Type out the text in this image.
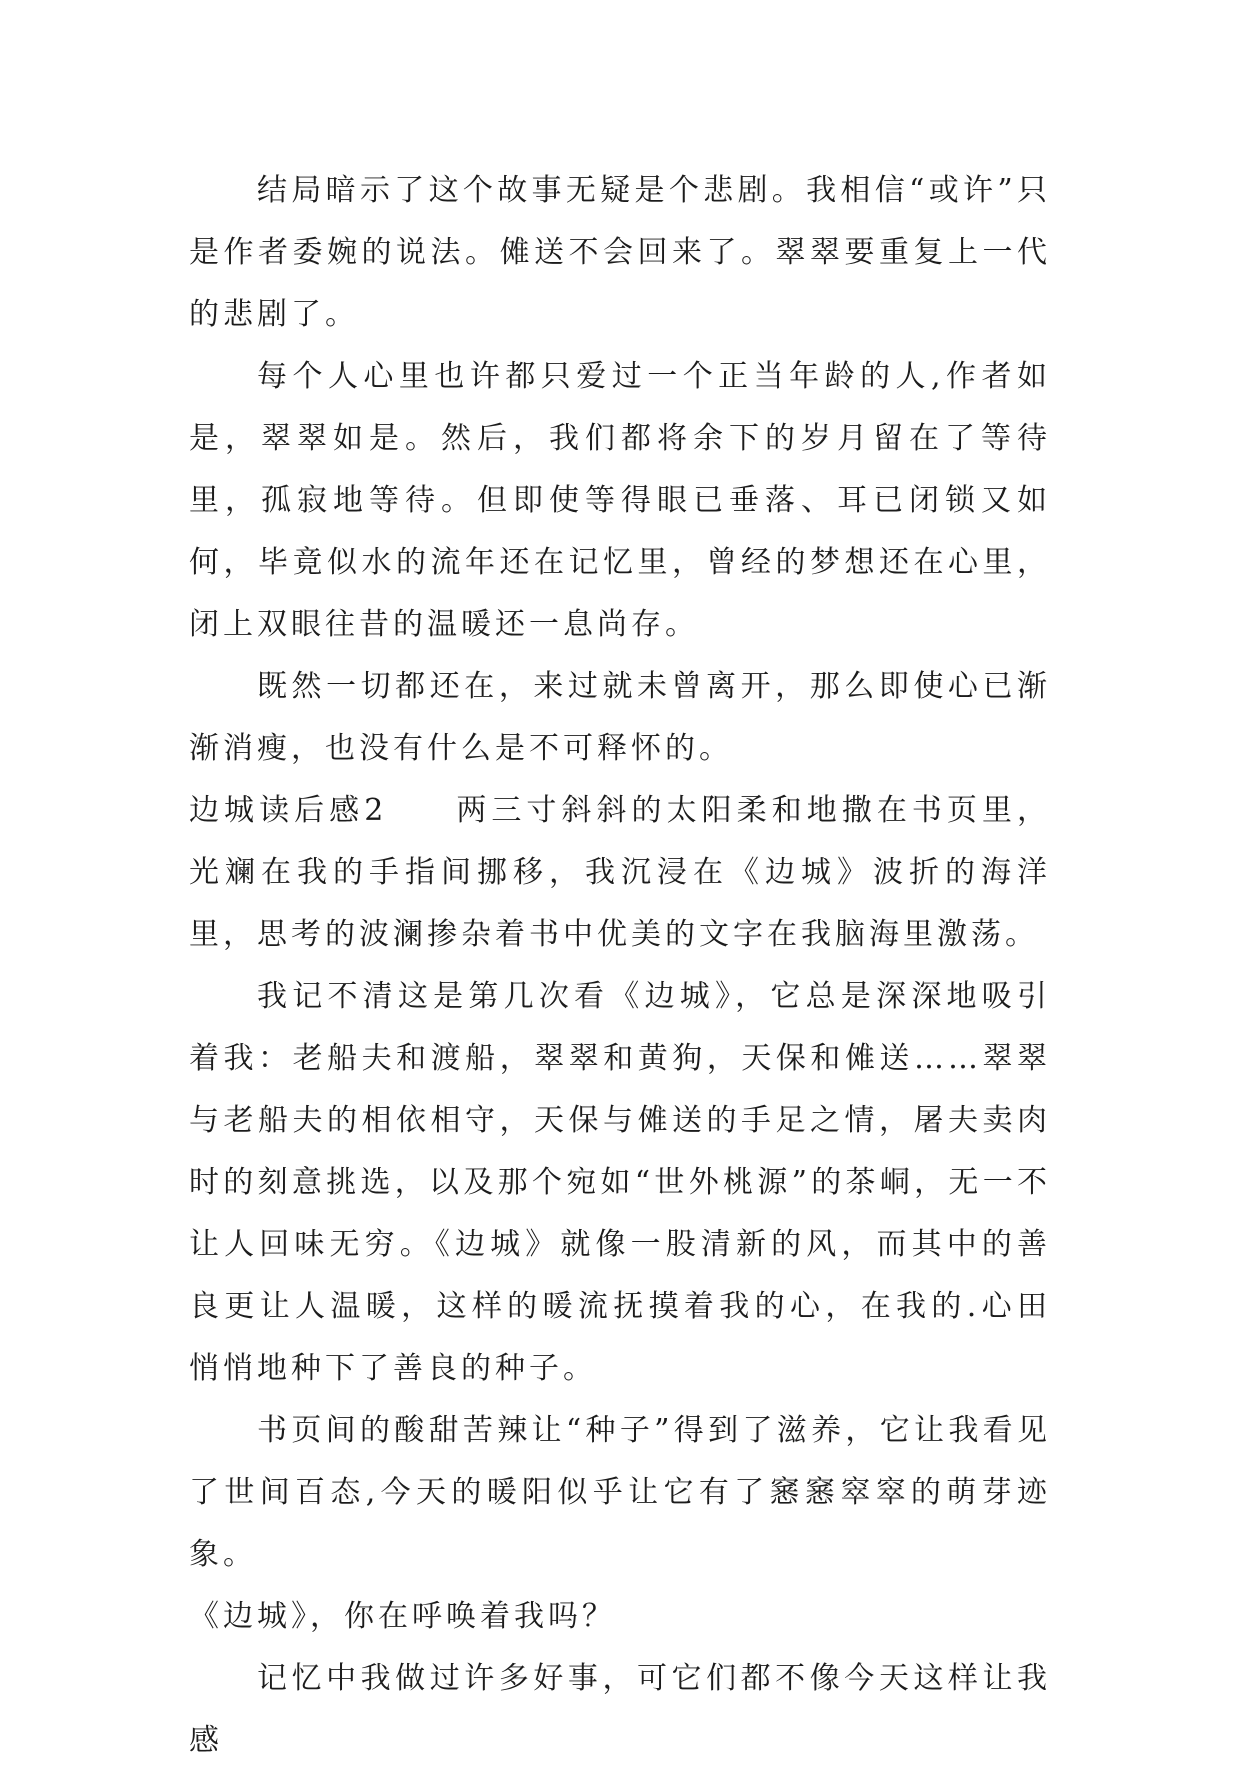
结局暗示了这个故事无疑是个悲剧。我相信“或许”只是作者委婉的说法。傩送不会回来了。翠翠要重复上一代的悲剧了。

每个人心里也许都只爱过一个正当年龄的人,作者如是，翠翠如是。然后，我们都将余下的岁月留在了等待里，孤寂地等待。但即使等得眼已垂落、耳已闭锁又如何，毕竟似水的流年还在记忆里，曾经的梦想还在心里，闭上双眼往昔的温暖还一息尚存。

既然一切都还在，来过就未曾离开，那么即使心已渐渐消瘦，也没有什么是不可释怀的。

边城读后感2 两三寸斜斜的太阳柔和地撒在书页里，光斓在我的手指间挪移，我沉浸在《边城》波折的海洋里，思考的波澜掺杂着书中优美的文字在我脑海里激荡。

我记不清这是第几次看《边城》，它总是深深地吸引着我：老船夫和渡船，翠翠和黄狗，天保和傩送……翠翠与老船夫的相依相守，天保与傩送的手足之情，屠夫卖肉时的刻意挑选，以及那个宛如“世外桃源”的茶峒，无一不让人回味无穷。《边城》就像一股清新的风，而其中的善良更让人温暖，这样的暖流抚摸着我的心，在我的.心田悄悄地种下了善良的种子。

书页间的酸甜苦辣让“种子”得到了滋养，它让我看见了世间百态,今天的暖阳似乎让它有了窸窸窣窣的萌芽迹象。

《边城》，你在呼唤着我吗？

记忆中我做过许多好事，可它们都不像今天这样让我感
